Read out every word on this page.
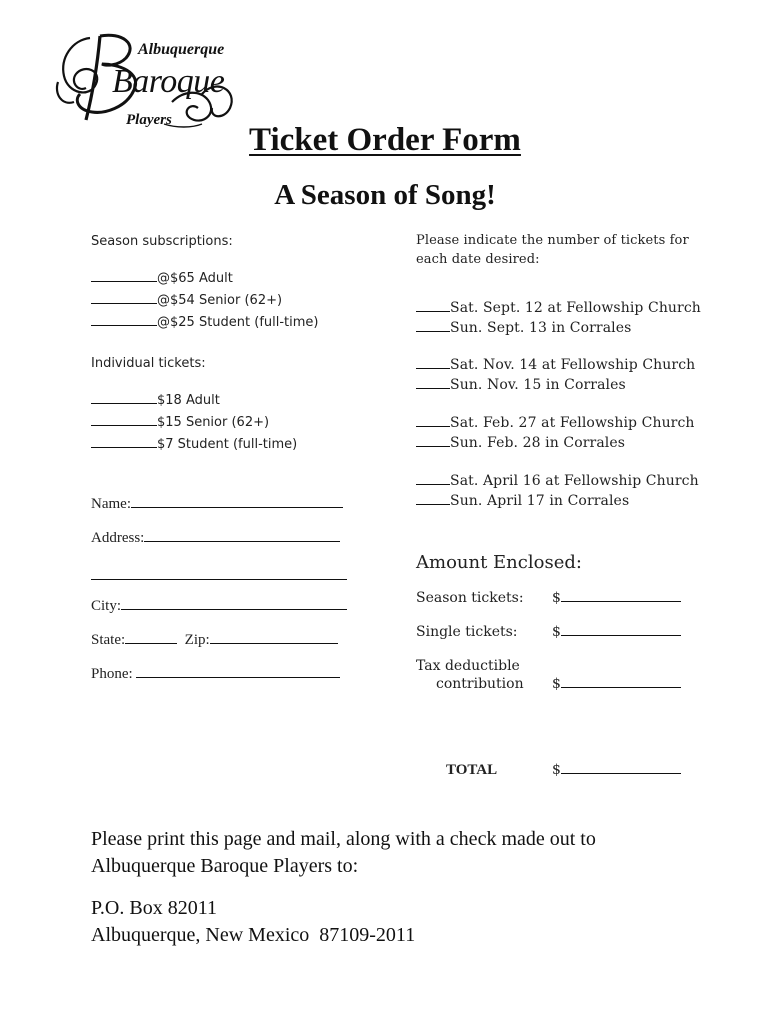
Albuquerque
Baroque
Players
Ticket Order Form
A Season of Song!
Season subscriptions:
@$65 Adult
@$54 Senior (62+)
@$25 Student (full-time)
Individual tickets:
$18 Adult
$15 Senior (62+)
$7 Student (full-time)
Please indicate the number of tickets for
each date desired:
Sat. Sept. 12 at Fellowship Church
Sun. Sept. 13 in Corrales
Sat. Nov. 14 at Fellowship Church
Sun. Nov. 15 in Corrales
Sat. Feb. 27 at Fellowship Church
Sun. Feb. 28 in Corrales
Sat. April 16 at Fellowship Church
Sun. April 17 in Corrales
Name:
Address:
City:
State:	Zip:
Phone:
Amount Enclosed:
Season tickets: $
Single tickets: $
Tax deductible
contribution $
TOTAL	$
Please print this page and mail, along with a check made out to
Albuquerque Baroque Players to:
P.O. Box 82011
Albuquerque, New Mexico  87109-2011
